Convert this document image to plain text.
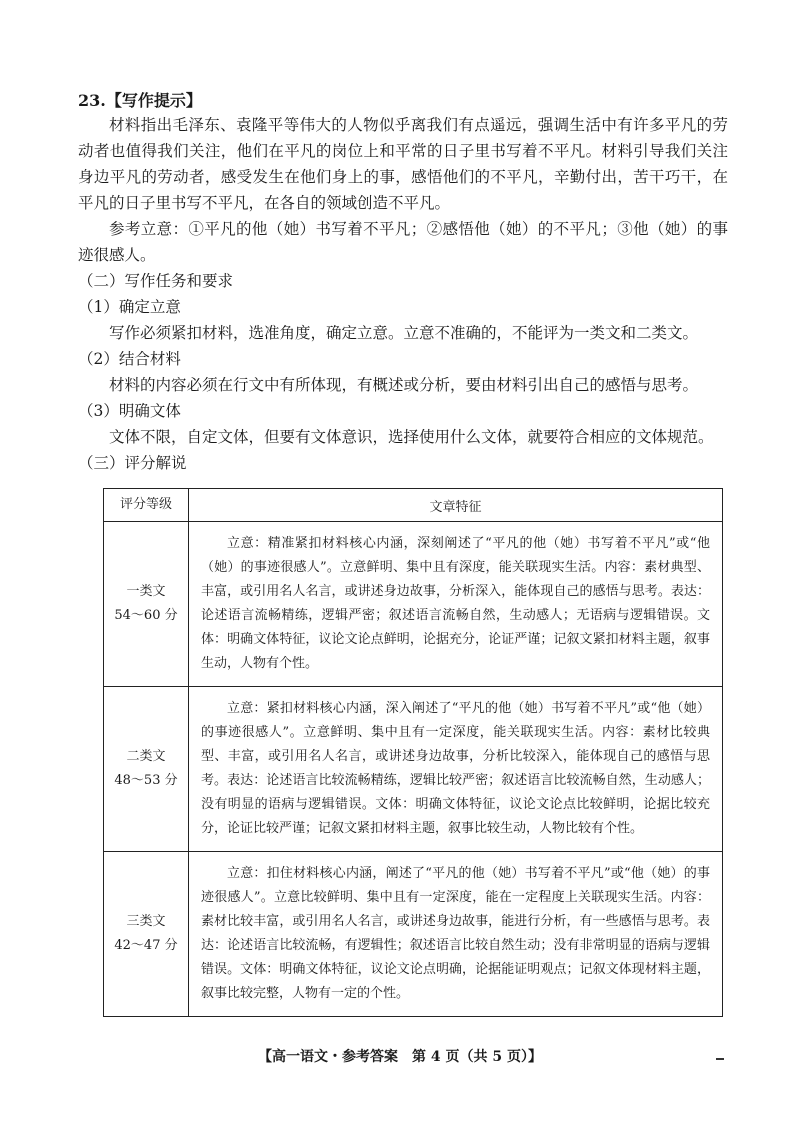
23.【写作提示】

材料指出毛泽东、袁隆平等伟大的人物似乎离我们有点遥远，强调生活中有许多平凡的劳动者也值得我们关注，他们在平凡的岗位上和平常的日子里书写着不平凡。材料引导我们关注身边平凡的劳动者，感受发生在他们身上的事，感悟他们的不平凡，辛勤付出，苦干巧干，在平凡的日子里书写不平凡，在各自的领域创造不平凡。

参考立意：①平凡的他（她）书写着不平凡；②感悟他（她）的不平凡；③他（她）的事迹很感人。

（二）写作任务和要求

（1）确定立意

写作必须紧扣材料，选准角度，确定立意。立意不准确的，不能评为一类文和二类文。

（2）结合材料

材料的内容必须在行文中有所体现，有概述或分析，要由材料引出自己的感悟与思考。

（3）明确文体

文体不限，自定文体，但要有文体意识，选择使用什么文体，就要符合相应的文体规范。

（三）评分解说

评分等级	文章特征

一类文
54～60 分	立意：精准紧扣材料核心内涵，深刻阐述了“平凡的他（她）书写着不平凡”或“他（她）的事迹很感人”。立意鲜明、集中且有深度，能关联现实生活。内容：素材典型、丰富，或引用名人名言，或讲述身边故事，分析深入，能体现自己的感悟与思考。表达：论述语言流畅精练，逻辑严密；叙述语言流畅自然，生动感人；无语病与逻辑错误。文体：明确文体特征，议论文论点鲜明，论据充分，论证严谨；记叙文紧扣材料主题，叙事生动，人物有个性。

二类文
48～53 分	立意：紧扣材料核心内涵，深入阐述了“平凡的他（她）书写着不平凡”或“他（她）的事迹很感人”。立意鲜明、集中且有一定深度，能关联现实生活。内容：素材比较典型、丰富，或引用名人名言，或讲述身边故事，分析比较深入，能体现自己的感悟与思考。表达：论述语言比较流畅精练，逻辑比较严密；叙述语言比较流畅自然，生动感人；没有明显的语病与逻辑错误。文体：明确文体特征，议论文论点比较鲜明，论据比较充分，论证比较严谨；记叙文紧扣材料主题，叙事比较生动，人物比较有个性。

三类文
42～47 分	立意：扣住材料核心内涵，阐述了“平凡的他（她）书写着不平凡”或“他（她）的事迹很感人”。立意比较鲜明、集中且有一定深度，能在一定程度上关联现实生活。内容：素材比较丰富，或引用名人名言，或讲述身边故事，能进行分析，有一些感悟与思考。表达：论述语言比较流畅，有逻辑性；叙述语言比较自然生动；没有非常明显的语病与逻辑错误。文体：明确文体特征，议论文论点明确，论据能证明观点；记叙文体现材料主题，叙事比较完整，人物有一定的个性。
【高一语文・参考答案　第 4 页（共 5 页）】
